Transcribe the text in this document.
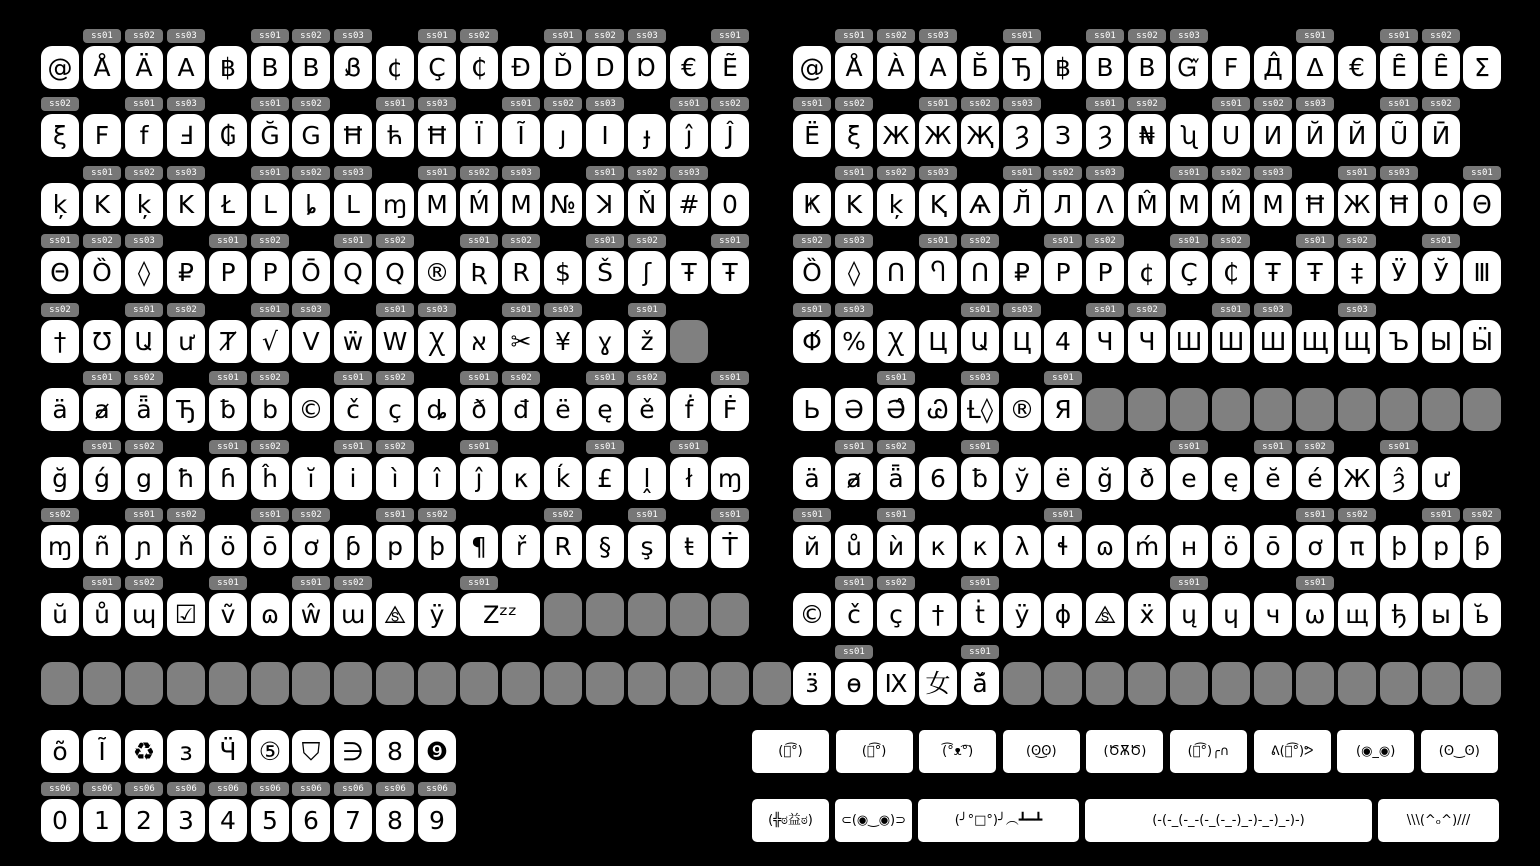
@ Å
ss01
Ä
ss02
A
ss03
฿	B
ss01
B
ss02
Ᏸ
ss03
¢	Ç
ss01
₵
ss02
Đ Ď
ss01
D
ss02
Ɒ
ss03
€	Ẽ
ss01
ξ
ss02
F	f
ss01
Ⅎ
ss03
₲ Ğ
ss01
G
ss02
Ħ ћ
ss01
Ħ
ss03
Ï	Ĩ
ss01
ȷ
ss02
I
ss03
ɟ	ĵ
ss01
Ĵ
ss02
ķ	K
ss01
ķ
ss02
K
ss03
Ł	L
ss01
ȴ
ss02
L
ss03
ɱ M
ss01
Ḿ
ss02
M
ss03
№ ꓘ
ss01
Ň
ss02
#
ss03
0
Θ
ss01
Ȍ
ss02
◊
ss03
₽	P
ss01
P
ss02
Ō Q
ss01
Q
ss02
® Ʀ
ss01
R
ss02
$	Š
ss01
ʃ
ss02
Ŧ	Ŧ
ss01
†
ss02
Ʊ Ա
ss01
ư
ss02
Ⱦ	√
ss01
V
ss03
ẅ W
ss01
Ꭓ
ss03
א ✂
ss01
¥
ss03
ɣ	ž
ss01
ä	ⱥ
ss01
ǟ
ss02
Ђ ƀ
ss01
b
ss02
© č
ss01
ç
ss02
ȡ ð
ss01
đ
ss02
ë	ę
ss01
ě
ss02
ḟ	Ḟ
ss01
ğ	ǵ
ss01
g
ss02
ħ	ɦ
ss01
ĥ
ss02
ĭ	i
ss01
ì
ss02
î	ĵ
ss01
κ	ḱ	£
ss01
ḽ	ł
ss01
ɱ
ɱ
ss02
ñ	ɲ
ss01
ň
ss02
ö	ō
ss01
ơ
ss02
ƥ	p
ss01
þ
ss02
¶	ř	R
ss02
§	ş
ss01
ŧ	Ṫ
ss01
ŭ	ů
ss01
ɰ
ss02
☑ ṽ
ss01
ɷ ŵ
ss01
ɯ
ss02
⧌ ÿ	Zᶻᶻ
ss01
@ Å
ss01
À
ss02
A
ss03
Б̆ Ђ
ss01
฿	B
ss01
B
ss02
Ᏻ
ss03
F	Д̂ Δ
ss01
€	Ȇ
ss01
Ȇ
ss02
Σ
Ё
ss01
ξ
ss02
Ж Ж
ss01
Җ
ss02
Ȝ
ss03
З	Ȝ
ss01
₦
ss02
ʯ U
ss01
И
ss02
Й
ss03
Й Ũ
ss01
Ӣ
ss02
Ҝ K
ss01
ķ
ss02
Ⱪ
ss03
Ѧ Л̆
ss01
Л
ss02
Ʌ
ss03
M̂ M
ss01
Ḿ
ss02
M
ss03
Ħ Ж
ss01
Ħ
ss03
0 Θ
ss01
Ȍ
ss02
◊
ss03
Ո	Ⴄ
ss01
Ո
ss02
₽	P
ss01
P
ss02
¢	Ç
ss01
₵
ss02
Ŧ	Ŧ
ss01
‡
ss02
Ӱ	Ў
ss01
Ⅲ
Φ́
ss01
%
ss03
Ꭓ Ц Ա
ss01
Ц
ss03
4	Ч
ss01
Ч
ss02
Ш Ш
ss01
Ш
ss03
Щ Щ
ss03
Ъ Ы Ӹ
Ь Ә Ә̂
ss01
Ꮚ Ƚ◊
ss03
® Я
ss01
ä	ⱥ
ss01
ǟ
ss02
6	ƀ
ss01
ў	ё	ğ	ð	e
ss01
ę	ĕ
ss01
é
ss02
Ж ȝ̂
ss01
ư
й
ss01
ů	ѝ
ss01
к	к	λ	ɬ
ss01
ɷ ḿ н	ö	ō	ơ
ss01
π
ss02
þ	p
ss01
ƥ
ss02
© č
ss01
ç
ss02
†	ṫ
ss01
ÿ	ɸ ⧌ ẍ	ų
ss01
ɥ	ч ω
ss01
щ ђ ы ь̆
ӟ	ɵ
ss01
Ⅸ 女 ǎ̆
ss01
õ	Ĩ	♻ ɜ	Ӵ ⑤ ⛉ ∋ 8 ❾
0
ss06
1
ss06
2
ss06
3
ss06
4
ss06
5
ss06
6
ss06
7
ss06
8
ss06
9
ss06
(ツ͡°)	(ツ͡°)	(͡°ᴥ͡°)	(ʘ͜ʘ)	(ԾѪԾ)	(ツ͡°)╭∩	ᕕ(ツ͡°)ᕗ	(◉_◉)	(ʘ‿ʘ)
(╬ಠ益ಠ)	⊂(◉‿◉)⊃	(╯°□°)╯︵┻━┻	(-(-_(-_-(-_(-_-)_-)-_-)_-)-)	\\\(^ₒ^)///
